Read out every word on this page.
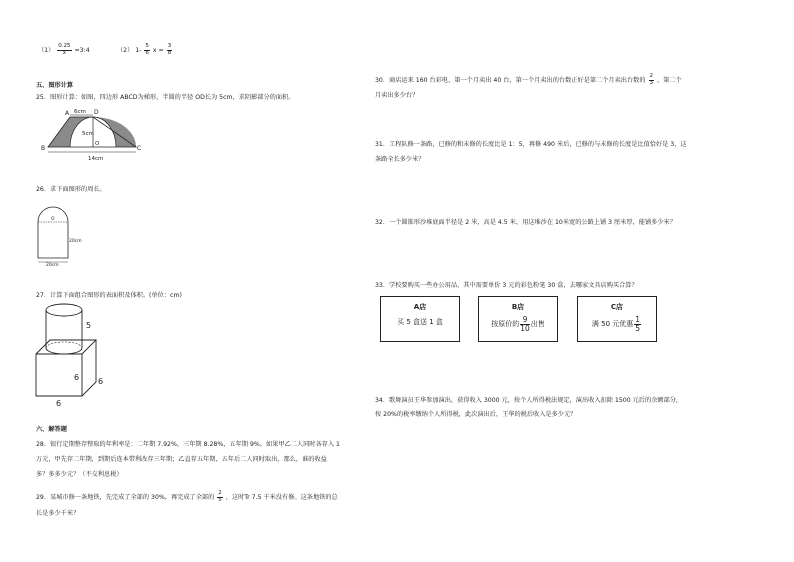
$(1) \frac{0.25}{x}$ =3:4	（2） $1- \frac{5}{6}$ $x = \frac{3}{8}$
五、图形计算
25．图形计算：如图，四边形 ABCD为梯形，半圆的半径 OD长为 5cm，求阴影部分的面积。
A	D
B	C
O
6cm
5cm
14cm
26．求下面图形的周长。
O
20cm
20cm
27．计算下面组合图形的表面积及体积。(单位：cm)
5
6 6
6
六、解答题
28．银行定期整存整取的年利率是：二年期 7.92%，三年期 8.28%，五年期 9%。如果甲乙二人同时各存入 1
万元，甲先存二年期，到期后连本带利改存三年期；乙直存五年期，五年后二人同时取出，那么，谁的收益
多？多多少元？（不交利息税）
29．某城市修一条地铁，先完成了全部的 30%，再完成了全部的 $\frac{2}{5}$ ，这时Tr 7.5 千米没有修。这条地铁的总
长是多少千米？
30．商店运来 160 台彩电，第一个月卖出 40 台，第一个月卖出的台数正好是第二个月卖出台数的 $\frac{2}{3}$ ，第二个
月卖出多少台？
31．工程队修一条路，已修的和未修的长度比是 1：5，再修 490 米后，已修的与未修的长度是比值恰好是 3，这
条路全长多少米？
32．一个圆锥形沙堆底面半径是 2 米，高是 4.5 米，用这堆沙在 10米宽的公路上铺 3 厘米厚，能铺多少米？
33．学校要购买一些办公用品，其中需要单价 3 元的彩色粉笔 30 盒，去哪家文具店购买合算？
A店
买 5 盒送 1 盒
B店
按原价的 $\frac{9}{10}$ 出售
C店
满 50 元优惠 $\frac{1}{5}$
34．歌舞演员王华参加演出，获得收入 3000 元，按个人所得税法规定，演出收入扣除 1500 元后的余额部分，
按 20%的税率缴纳个人所得税，此次演出后，王华的税后收入是多少元？
